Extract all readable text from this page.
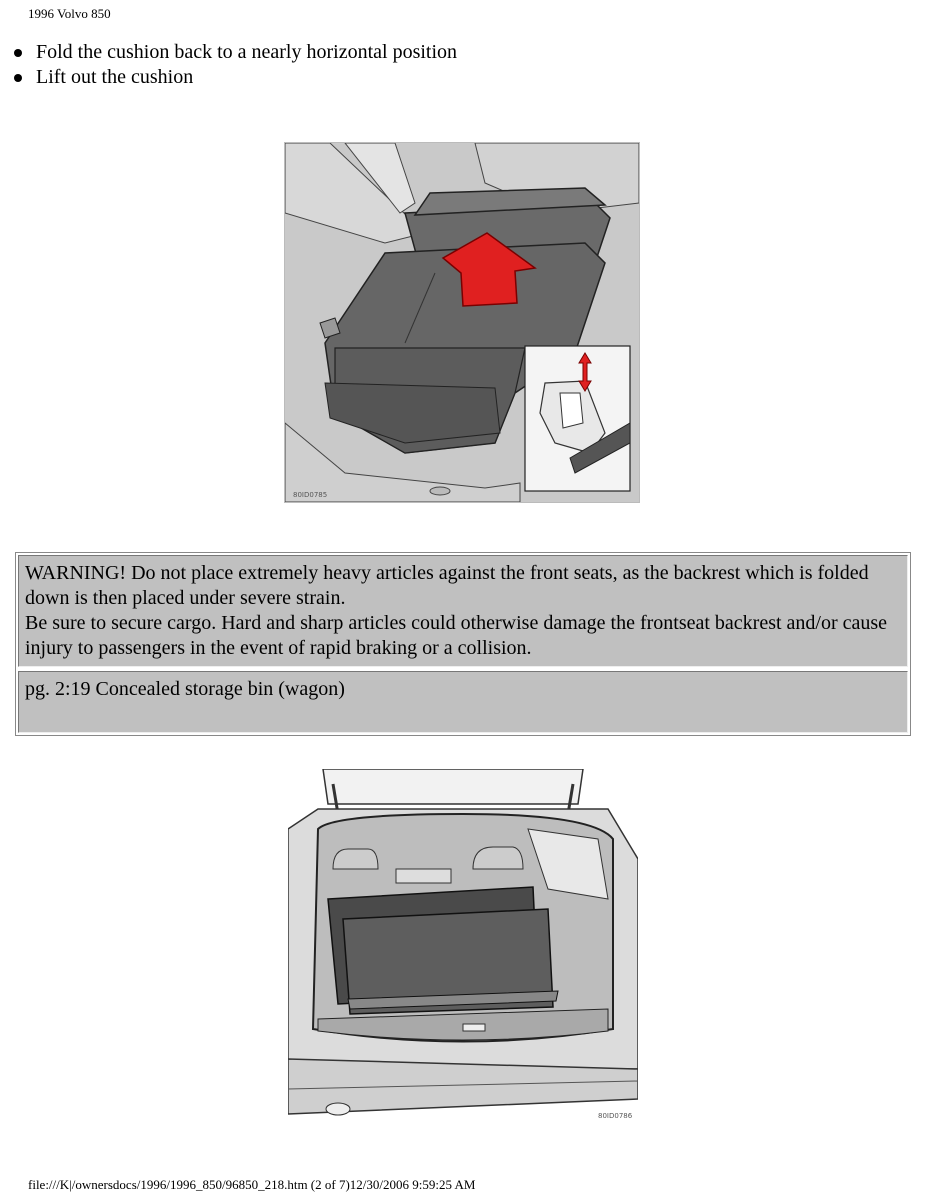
1996 Volvo 850
Fold the cushion back to a nearly horizontal position
Lift out the cushion
80ID0785
WARNING! Do not place extremely heavy articles against the front seats, as the backrest which is folded down is then placed under severe strain.
Be sure to secure cargo. Hard and sharp articles could otherwise damage the frontseat backrest and/or cause injury to passengers in the event of rapid braking or a collision.
pg. 2:19 Concealed storage bin (wagon)
80ID0786
file:///K|/ownersdocs/1996/1996_850/96850_218.htm (2 of 7)12/30/2006 9:59:25 AM
